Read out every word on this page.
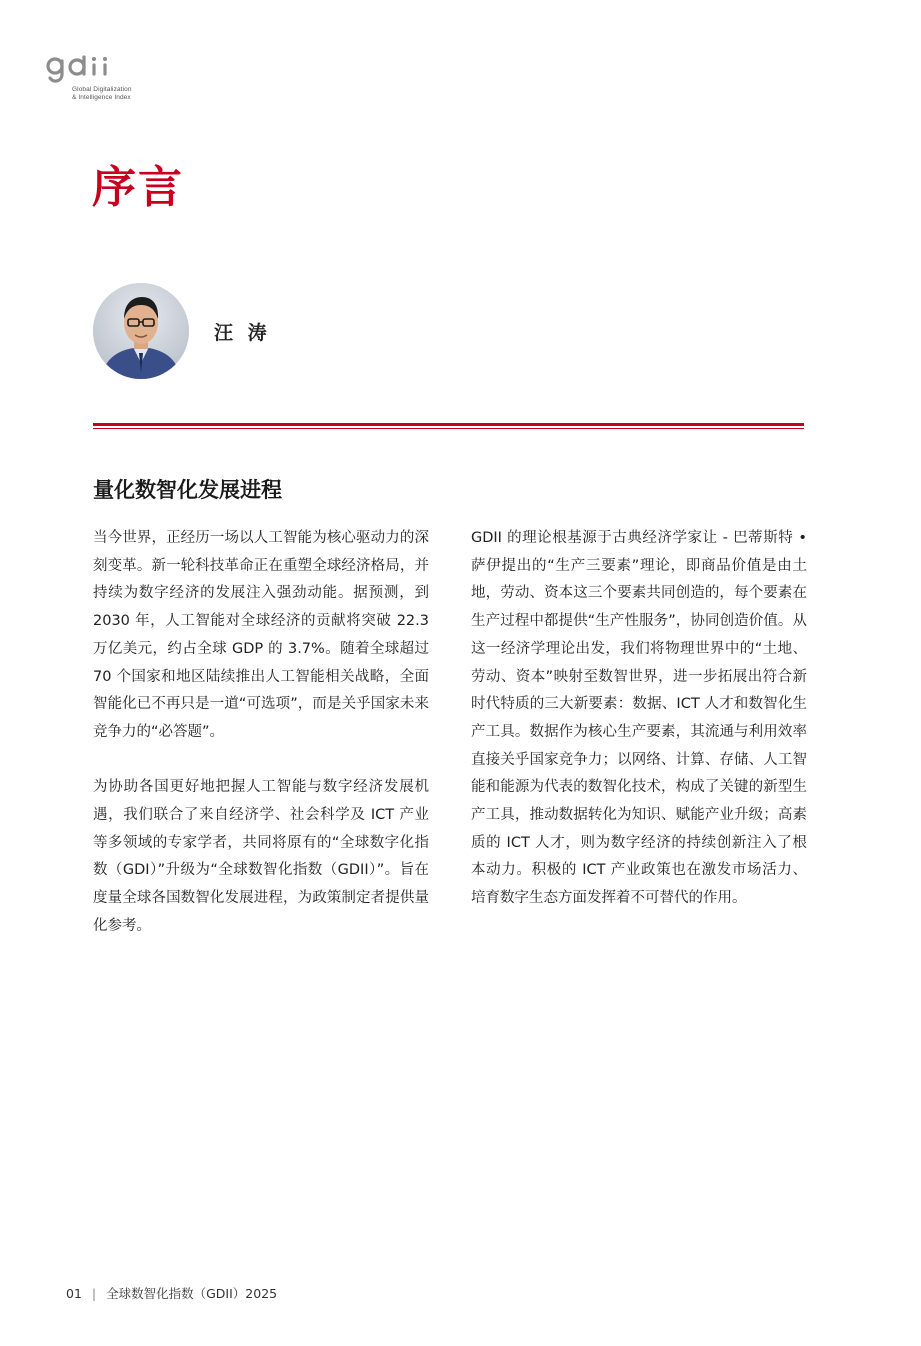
Global Digitalization
& Intelligence Index
序言
汪 涛
量化数智化发展进程

当今世界，正经历一场以人工智能为核心驱动力的深刻变革。新一轮科技革命正在重塑全球经济格局，并持续为数字经济的发展注入强劲动能。据预测，到 2030 年，人工智能对全球经济的贡献将突破 22.3 万亿美元，约占全球 GDP 的 3.7%。随着全球超过 70 个国家和地区陆续推出人工智能相关战略，全面智能化已不再只是一道“可选项”，而是关乎国家未来竞争力的“必答题”。

为协助各国更好地把握人工智能与数字经济发展机遇，我们联合了来自经济学、社会科学及 ICT 产业等多领域的专家学者，共同将原有的“全球数字化指数（GDI）”升级为“全球数智化指数（GDII）”。旨在度量全球各国数智化发展进程，为政策制定者提供量化参考。

GDII 的理论根基源于古典经济学家让 - 巴蒂斯特 • 萨伊提出的“生产三要素”理论，即商品价值是由土地，劳动、资本这三个要素共同创造的，每个要素在生产过程中都提供“生产性服务”，协同创造价值。从这一经济学理论出发，我们将物理世界中的“土地、劳动、资本”映射至数智世界，进一步拓展出符合新时代特质的三大新要素：数据、ICT 人才和数智化生产工具。数据作为核心生产要素，其流通与利用效率直接关乎国家竞争力；以网络、计算、存储、人工智能和能源为代表的数智化技术，构成了关键的新型生产工具，推动数据转化为知识、赋能产业升级；高素质的 ICT 人才，则为数字经济的持续创新注入了根本动力。积极的 ICT 产业政策也在激发市场活力、培育数字生态方面发挥着不可替代的作用。

01 | 全球数智化指数（GDII）2025
